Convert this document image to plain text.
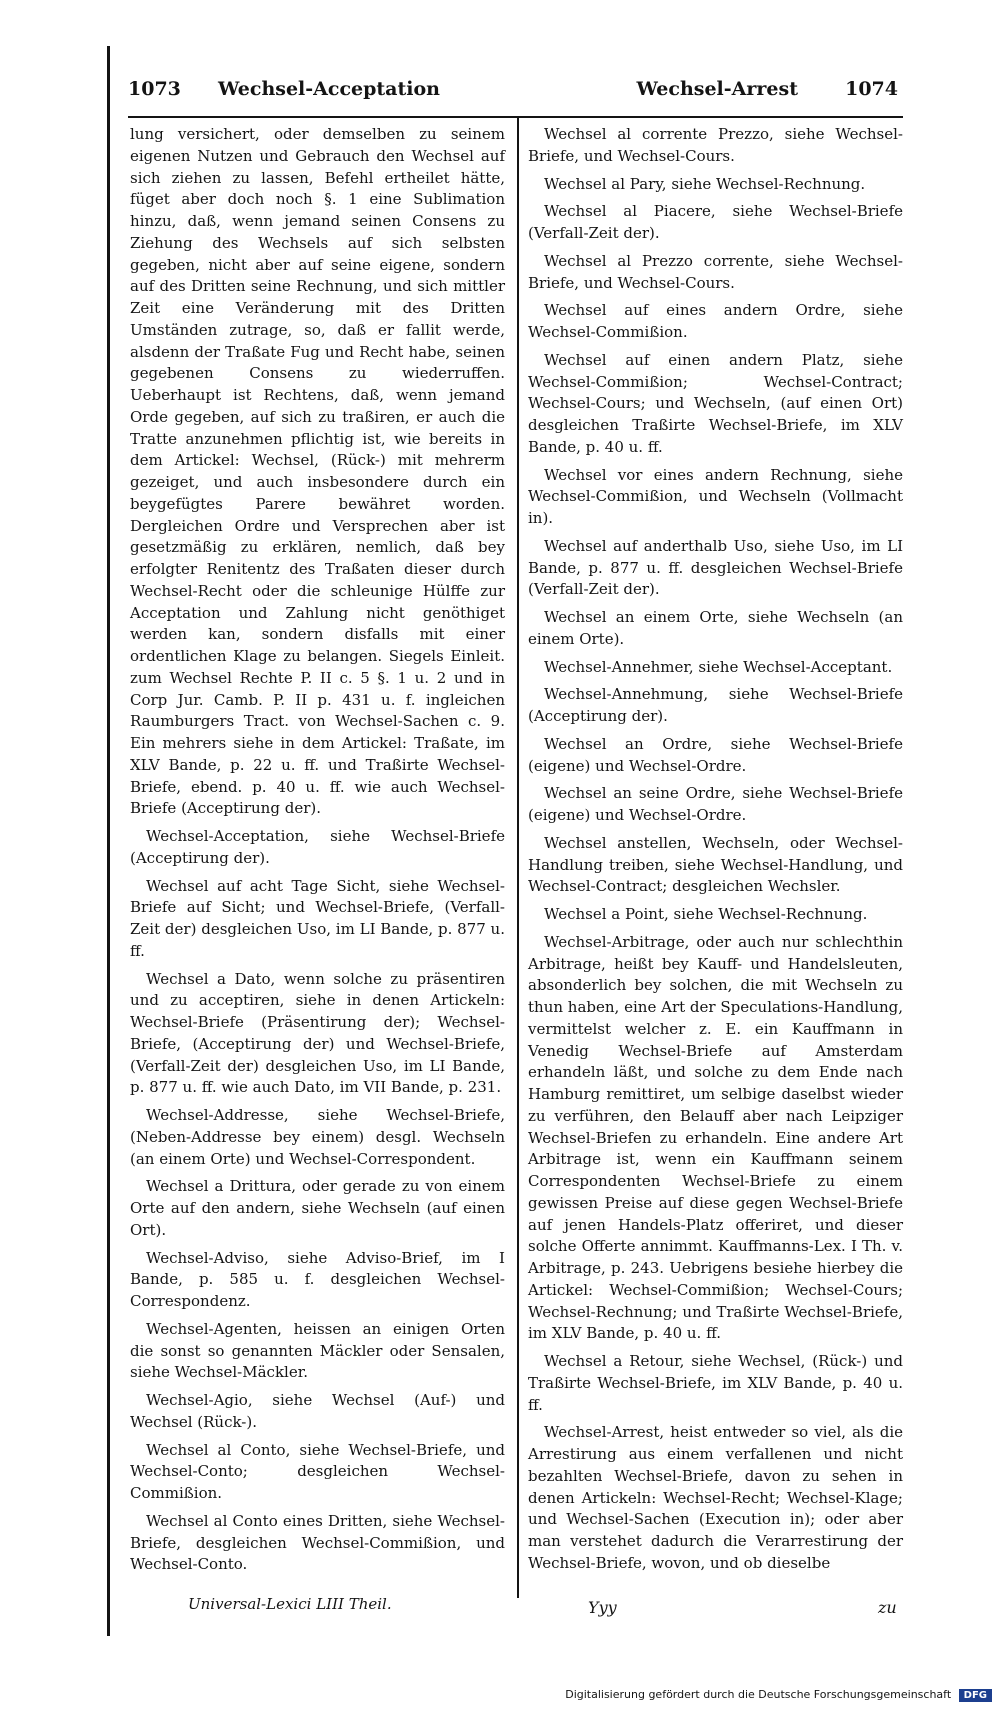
1073 Wechsel-Acceptation	Wechsel-Arrest 1074

lung versichert, oder demselben zu seinem eigenen Nutzen und Gebrauch den Wechsel auf sich ziehen zu lassen, Befehl ertheilet hätte, füget aber doch noch §. 1 eine Sublimation hinzu, daß, wenn jemand seinen Consens zu Ziehung des Wechsels auf sich selbsten gegeben, nicht aber auf seine eigene, sondern auf des Dritten seine Rechnung, und sich mittler Zeit eine Veränderung mit des Dritten Umständen zutrage, so, daß er fallit werde, alsdenn der Traßate Fug und Recht habe, seinen gegebenen Consens zu wiederruffen. Ueberhaupt ist Rechtens, daß, wenn jemand Orde gegeben, auf sich zu traßiren, er auch die Tratte anzunehmen pflichtig ist, wie bereits in dem Artickel: Wechsel, (Rück-) mit mehrerm gezeiget, und auch insbesondere durch ein beygefügtes Parere bewähret worden. Dergleichen Ordre und Versprechen aber ist gesetzmäßig zu erklären, nemlich, daß bey erfolgter Renitentz des Traßaten dieser durch Wechsel-Recht oder die schleunige Hülffe zur Acceptation und Zahlung nicht genöthiget werden kan, sondern disfalls mit einer ordentlichen Klage zu belangen. Siegels Einleit. zum Wechsel Rechte P. II c. 5 §. 1 u. 2 und in Corp Jur. Camb. P. II p. 431 u. f. ingleichen Raumburgers Tract. von Wechsel-Sachen c. 9. Ein mehrers siehe in dem Artickel: Traßate, im XLV Bande, p. 22 u. ff. und Traßirte Wechsel-Briefe, ebend. p. 40 u. ff. wie auch Wechsel-Briefe (Acceptirung der).

Wechsel-Acceptation, siehe Wechsel-Briefe (Acceptirung der).

Wechsel auf acht Tage Sicht, siehe Wechsel-Briefe auf Sicht; und Wechsel-Briefe, (Verfall-Zeit der) desgleichen Uso, im LI Bande, p. 877 u. ff.

Wechsel a Dato, wenn solche zu präsentiren und zu acceptiren, siehe in denen Artickeln: Wechsel-Briefe (Präsentirung der); Wechsel-Briefe, (Acceptirung der) und Wechsel-Briefe, (Verfall-Zeit der) desgleichen Uso, im LI Bande, p. 877 u. ff. wie auch Dato, im VII Bande, p. 231.

Wechsel-Addresse, siehe Wechsel-Briefe, (Neben-Addresse bey einem) desgl. Wechseln (an einem Orte) und Wechsel-Correspondent.

Wechsel a Drittura, oder gerade zu von einem Orte auf den andern, siehe Wechseln (auf einen Ort).

Wechsel-Adviso, siehe Adviso-Brief, im I Bande, p. 585 u. f. desgleichen Wechsel-Correspondenz.

Wechsel-Agenten, heissen an einigen Orten die sonst so genannten Mäckler oder Sensalen, siehe Wechsel-Mäckler.

Wechsel-Agio, siehe Wechsel (Auf-) und Wechsel (Rück-).

Wechsel al Conto, siehe Wechsel-Briefe, und Wechsel-Conto; desgleichen Wechsel-Commißion.

Wechsel al Conto eines Dritten, siehe Wechsel-Briefe, desgleichen Wechsel-Commißion, und Wechsel-Conto.

Wechsel al corrente Prezzo, siehe Wechsel-Briefe, und Wechsel-Cours.

Wechsel al Pary, siehe Wechsel-Rechnung.

Wechsel al Piacere, siehe Wechsel-Briefe (Verfall-Zeit der).

Wechsel al Prezzo corrente, siehe Wechsel-Briefe, und Wechsel-Cours.

Wechsel auf eines andern Ordre, siehe Wechsel-Commißion.

Wechsel auf einen andern Platz, siehe Wechsel-Commißion; Wechsel-Contract; Wechsel-Cours; und Wechseln, (auf einen Ort) desgleichen Traßirte Wechsel-Briefe, im XLV Bande, p. 40 u. ff.

Wechsel vor eines andern Rechnung, siehe Wechsel-Commißion, und Wechseln (Vollmacht in).

Wechsel auf anderthalb Uso, siehe Uso, im LI Bande, p. 877 u. ff. desgleichen Wechsel-Briefe (Verfall-Zeit der).

Wechsel an einem Orte, siehe Wechseln (an einem Orte).

Wechsel-Annehmer, siehe Wechsel-Acceptant.

Wechsel-Annehmung, siehe Wechsel-Briefe (Acceptirung der).

Wechsel an Ordre, siehe Wechsel-Briefe (eigene) und Wechsel-Ordre.

Wechsel an seine Ordre, siehe Wechsel-Briefe (eigene) und Wechsel-Ordre.

Wechsel anstellen, Wechseln, oder Wechsel-Handlung treiben, siehe Wechsel-Handlung, und Wechsel-Contract; desgleichen Wechsler.

Wechsel a Point, siehe Wechsel-Rechnung.

Wechsel-Arbitrage, oder auch nur schlechthin Arbitrage, heißt bey Kauff- und Handelsleuten, absonderlich bey solchen, die mit Wechseln zu thun haben, eine Art der Speculations-Handlung, vermittelst welcher z. E. ein Kauffmann in Venedig Wechsel-Briefe auf Amsterdam erhandeln läßt, und solche zu dem Ende nach Hamburg remittiret, um selbige daselbst wieder zu verführen, den Belauff aber nach Leipziger Wechsel-Briefen zu erhandeln. Eine andere Art Arbitrage ist, wenn ein Kauffmann seinem Correspondenten Wechsel-Briefe zu einem gewissen Preise auf diese gegen Wechsel-Briefe auf jenen Handels-Platz offeriret, und dieser solche Offerte annimmt. Kauffmanns-Lex. I Th. v. Arbitrage, p. 243. Uebrigens besiehe hierbey die Artickel: Wechsel-Commißion; Wechsel-Cours; Wechsel-Rechnung; und Traßirte Wechsel-Briefe, im XLV Bande, p. 40 u. ff.

Wechsel a Retour, siehe Wechsel, (Rück-) und Traßirte Wechsel-Briefe, im XLV Bande, p. 40 u. ff.

Wechsel-Arrest, heist entweder so viel, als die Arrestirung aus einem verfallenen und nicht bezahlten Wechsel-Briefe, davon zu sehen in denen Artickeln: Wechsel-Recht; Wechsel-Klage; und Wechsel-Sachen (Execution in); oder aber man verstehet dadurch die Verarrestirung der Wechsel-Briefe, wovon, und ob dieselbe

Universal-Lexici LIII Theil.	Yyy	zu
Digitalisierung gefördert durch die Deutsche Forschungsgemeinschaft DFG
